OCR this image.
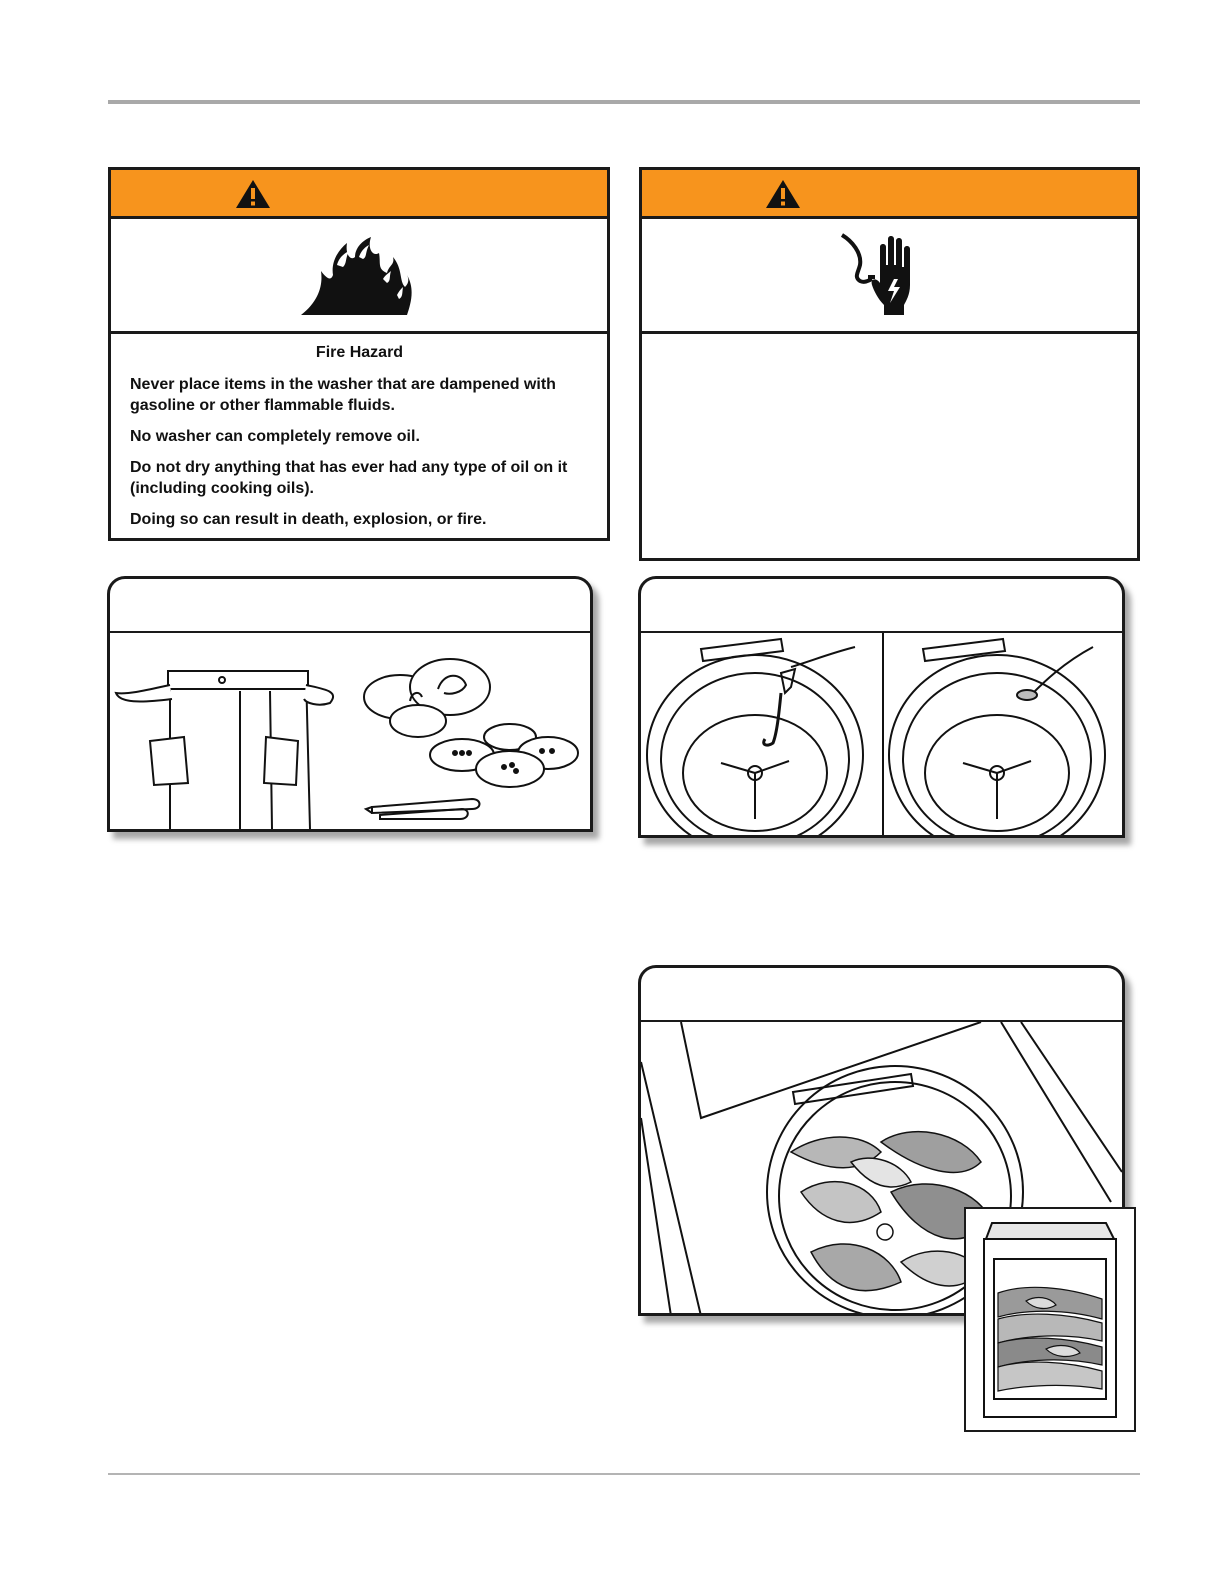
Fire Hazard

Never place items in the washer that are dampened with gasoline or other flammable fluids.

No washer can completely remove oil.

Do not dry anything that has ever had any type of oil on it (including cooking oils).

Doing so can result in death, explosion, or fire.
